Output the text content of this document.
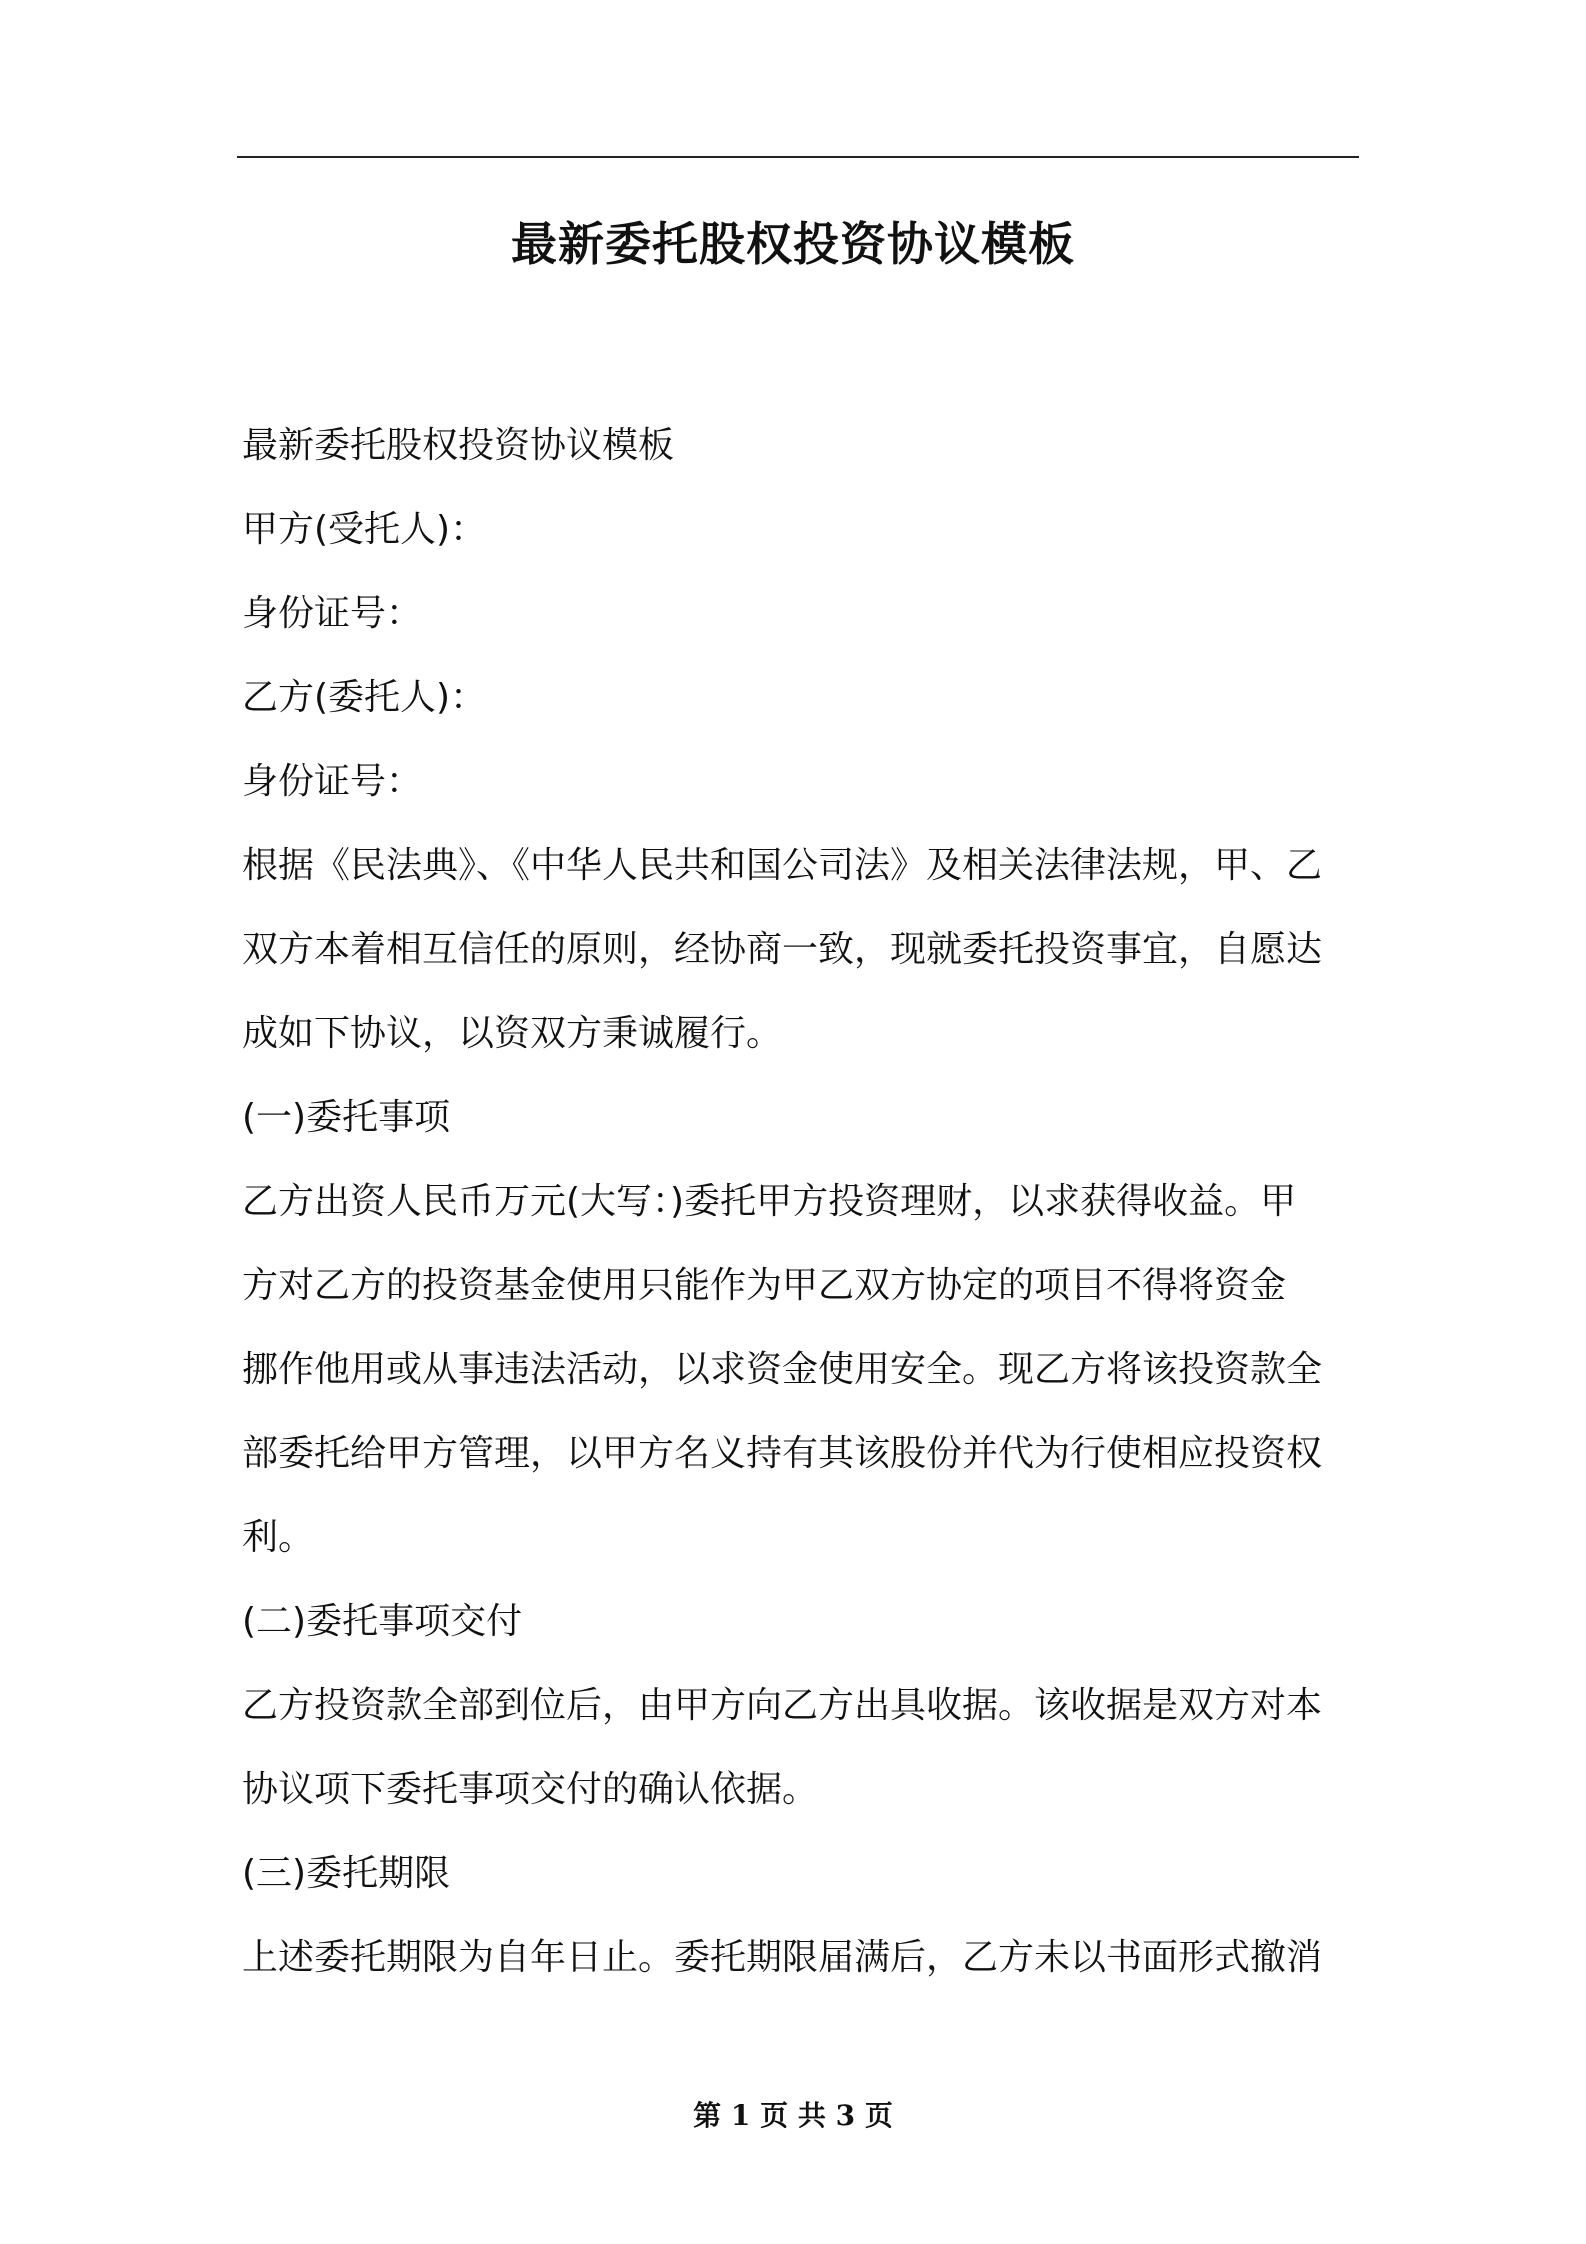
最新委托股权投资协议模板
最新委托股权投资协议模板
甲方(受托人)：
身份证号：
乙方(委托人)：
身份证号：
根据《民法典》、《中华人民共和国公司法》及相关法律法规，甲、乙
双方本着相互信任的原则，经协商一致，现就委托投资事宜，自愿达
成如下协议，以资双方秉诚履行。
(一)委托事项
乙方出资人民币万元(大写：)委托甲方投资理财，以求获得收益。甲
方对乙方的投资基金使用只能作为甲乙双方协定的项目不得将资金
挪作他用或从事违法活动，以求资金使用安全。现乙方将该投资款全
部委托给甲方管理，以甲方名义持有其该股份并代为行使相应投资权
利。
(二)委托事项交付
乙方投资款全部到位后，由甲方向乙方出具收据。该收据是双方对本
协议项下委托事项交付的确认依据。
(三)委托期限
上述委托期限为自年日止。委托期限届满后，乙方未以书面形式撤消
第 1 页 共 3 页
